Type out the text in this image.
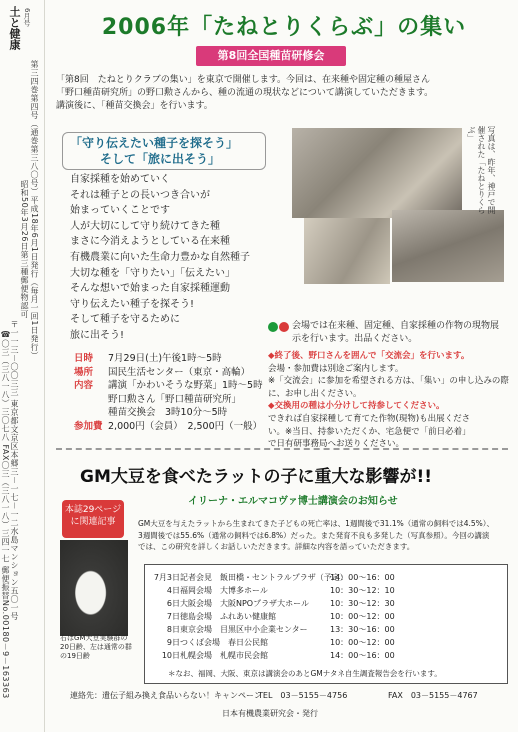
土と健康 6月号
第三四巻第四号（通巻第三八〇号）平成18年6月1日発行（毎月一回1日発行）
昭和50年3月26日第三種郵便物認可
〒一一三－〇〇三三 東京都文京区本郷三－一七－一二水島マンション五〇一号
☎〇三（三八一八）三〇七八 FAX〇三（三八一八）三四一七 郵便振替No.00180－9－163363
2006年「たねとりくらぶ」の集い
第8回全国種苗研修会
「第8回　たねとりクラブの集い」を東京で開催します。今回は、在来種や固定種の種屋さん
「野口種苗研究所」の野口勲さんから、種の流通の現状などについて講演していただきます。
講演後に、「種苗交換会」を行います。
写真は、昨年、神戸で開催された「たねとりくらぶ」
「守り伝えたい種子を探そう」
そして「旅に出そう」
自家採種を始めていく
それは種子との長いつき合いが
始まっていくことです
人が大切にして守り続けてきた種
まさに今消えようとしている在来種
有機農業に向いた生命力豊かな自然種子
大切な種を「守りたい」「伝えたい」
そんな想いで始まった自家採種運動
守り伝えたい種子を探そう!
そして種子を守るために
旅に出そう!
会場では在来種、固定種、自家採種の作物の現物展示を行います。出品ください。
日時 7月29日(土)午後1時～5時
場所 国民生活センター（東京・高輪）
内容 講演「かわいそうな野菜」1時～5時
野口勲さん「野口種苗研究所」
種苗交換会　3時10分～5時
参加費 2,000円（会員）　2,500円（一般）
◆終了後、野口さんを囲んで「交流会」を行います。
会場・参加費は別途ご案内します。
※「交流会」に参加を希望される方は、「集い」の申し込みの際
に、お申し出ください。
◆交換用の種は小分けして持参してください。
できれば自家採種して育てた作物(現物)も出展くださ
い。※当日、持参いただくか、宅急便で「前日必着」
で日有研事務局へお送りください。
GM大豆を食べたラットの子に重大な影響が!!
イリーナ・エルマコヴァ博士講演会のお知らせ
本誌29ページに関連記事
右はGM大豆実験群の20日齢、左は通常の群の19日齢
GM大豆を与えたラットから生まれてきた子どもの死亡率は、1週間後で31.1%（通常の飼料では4.5%）、
3週間後では55.6%（通常の飼料では6.8%）だった。また発育不良も多発した（写真参照）。今回の講演
では、この研究を詳しくお話しいただきます。詳細な内容を語っていただきます。
7月3日記者会見　飯田橋・セントラルプラザ（予定）14：00～16：00
4日福岡会場　大博多ホール	10：30～12：10
6日大阪会場　大阪NPOプラザ大ホール	10：30～12：30
7日徳島会場　ふれあい健康館	10：00～12：00
8日東京会場　目黒区中小企業センター	13：30～16：00
9日つくば会場　春日公民館	10：00～12：00
10日札幌会場　札幌市民会館	14：00～16：00
＊なお、福岡、大阪、東京は講演会のあとGMナタネ自生調査報告会を行います。
連絡先：遺伝子組み換え食品いらない！キャンペーン
TEL　03－5155－4756	FAX　03－5155－4767
日本有機農業研究会・発行
